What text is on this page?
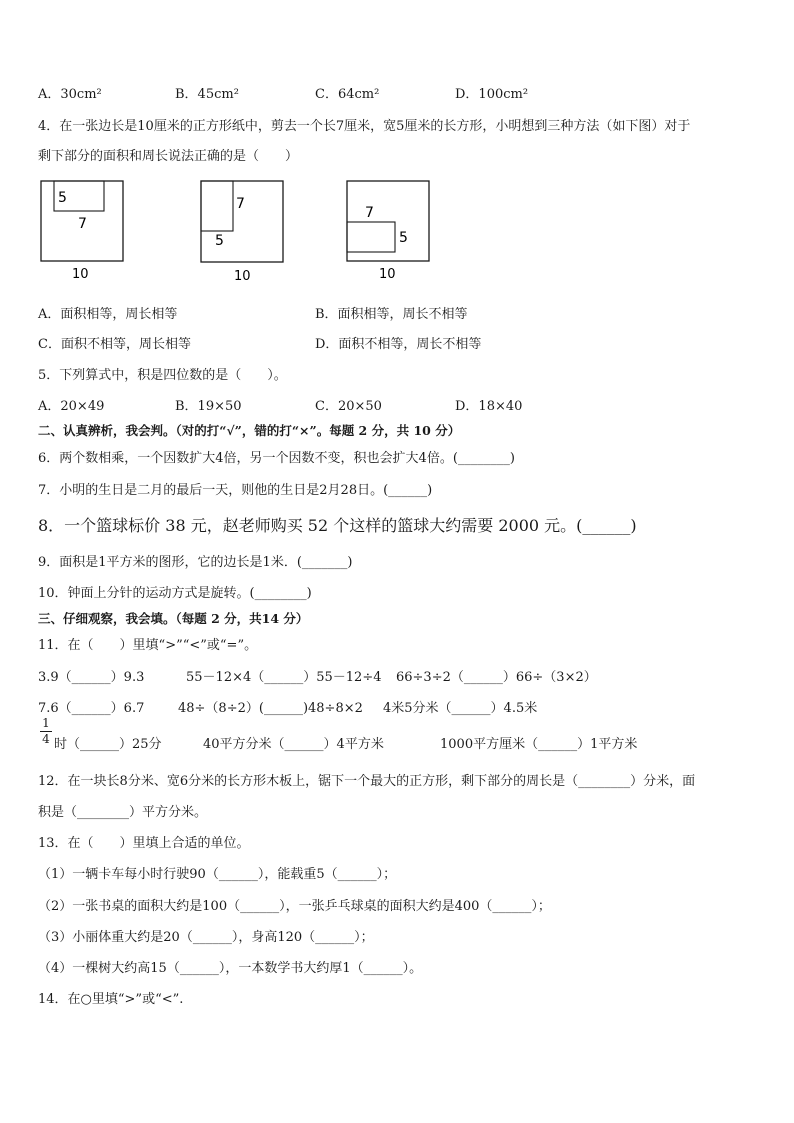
A．30cm²	B．45cm²	C．64cm²	D．100cm²
4．在一张边长是10厘米的正方形纸中，剪去一个长7厘米，宽5厘米的长方形，小明想到三种方法（如下图）对于
剩下部分的面积和周长说法正确的是（　　）
5
7
10
7
5
10
7
5
10
A．面积相等，周长相等	B．面积相等，周长不相等
C．面积不相等，周长相等	D．面积不相等，周长不相等
5．下列算式中，积是四位数的是（　　）。
A．20×49	B．19×50	C．20×50	D．18×40
二、认真辨析，我会判。（对的打“√”，错的打“×”。每题 2 分，共 10 分）
6．两个数相乘，一个因数扩大4倍，另一个因数不变，积也会扩大4倍。(________)
7．小明的生日是二月的最后一天，则他的生日是2月28日。(______)
8．一个篮球标价 38 元，赵老师购买 52 个这样的篮球大约需要 2000 元。(______)
9．面积是1平方米的图形，它的边长是1米．(_______)
10．钟面上分针的运动方式是旋转。(________)
三、仔细观察，我会填。（每题 2 分，共14 分）
11．在（　　）里填“>”“<”或“=”。
3.9（______）9.3	55－12×4（______）55－12÷4 66÷3÷2（______）66÷（3×2）
7.6（______）6.7	48÷（8÷2）(______)48÷8×2 4米5分米（______）4.5米
1
4 时（______）25分	40平方分米（______）4平方米	1000平方厘米（______）1平方米
12．在一块长8分米、宽6分米的长方形木板上，锯下一个最大的正方形，剩下部分的周长是（________）分米，面
积是（________）平方分米。
13．在（　　）里填上合适的单位。
（1）一辆卡车每小时行驶90（______），能载重5（______）；
（2）一张书桌的面积大约是100（______），一张乒乓球桌的面积大约是400（______）；
（3）小丽体重大约是20（______），身高120（______）；
（4）一棵树大约高15（______），一本数学书大约厚1（______）。
14．在○里填“>”或“<”.
